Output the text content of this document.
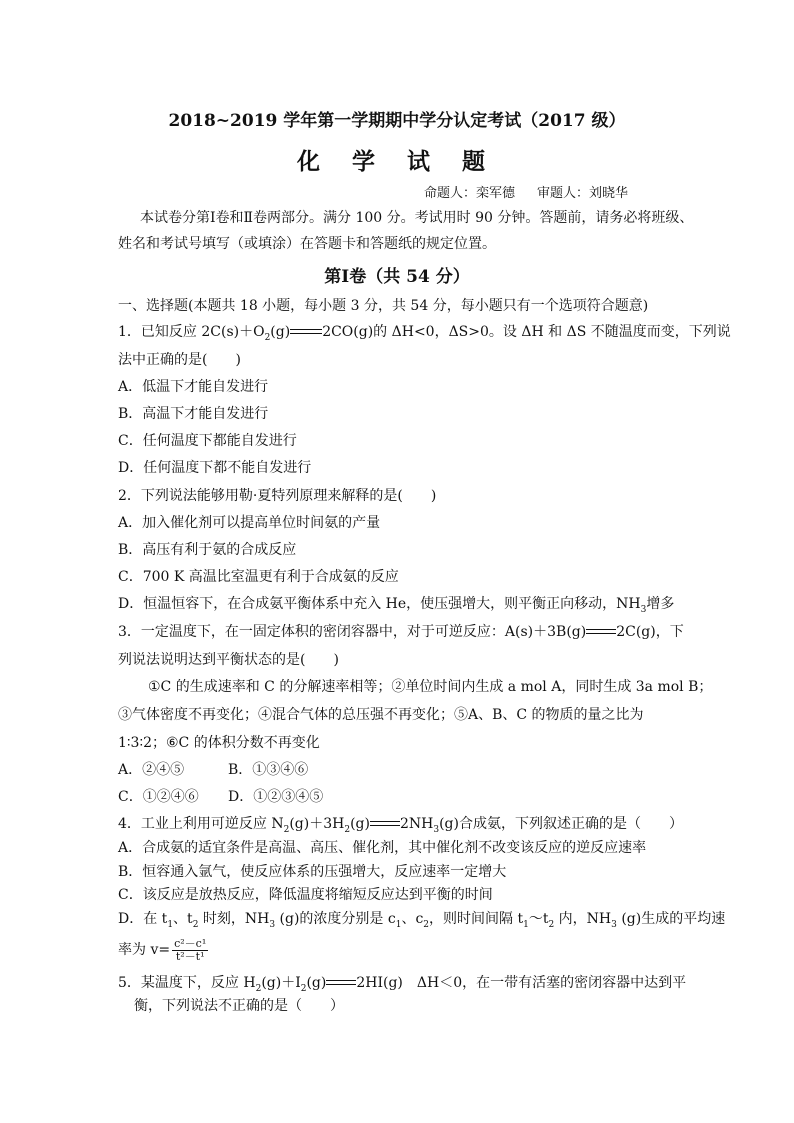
2018~2019 学年第一学期期中学分认定考试（2017 级）
化 学 试 题
命题人：栾军德 审题人：刘晓华
本试卷分第Ⅰ卷和Ⅱ卷两部分。满分 100 分。考试用时 90 分钟。答题前，请务必将班级、
姓名和考试号填写（或填涂）在答题卡和答题纸的规定位置。
第Ⅰ卷（共 54 分）
一、选择题(本题共 18 小题，每小题 3 分，共 54 分，每小题只有一个选项符合题意)
1．已知反应 $2C(s)+O_2(g)$ 2CO(g)的 ΔH<0，ΔS>0。设 ΔH 和 ΔS 不随温度而变，下列说
法中正确的是(　　)
A．低温下才能自发进行
B．高温下才能自发进行
C．任何温度下都能自发进行
D．任何温度下都不能自发进行
2．下列说法能够用勒·夏特列原理来解释的是(　　)
A．加入催化剂可以提高单位时间氨的产量
B．高压有利于氨的合成反应
C．700 K 高温比室温更有利于合成氨的反应
D．恒温恒容下，在合成氨平衡体系中充入 He，使压强增大，则平衡正向移动，$NH_3$增多
3．一定温度下，在一固定体积的密闭容器中，对于可逆反应：A(s)＋3B(g) 2C(g)，下
列说法说明达到平衡状态的是(　　)
①C 的生成速率和 C 的分解速率相等；②单位时间内生成 a mol A，同时生成 3a mol B；
③气体密度不再变化；④混合气体的总压强不再变化；⑤A、B、C 的物质的量之比为
1∶3∶2；⑥C 的体积分数不再变化
A．②④⑤	B．①③④⑥
C．①②④⑥ D．①②③④⑤
4．工业上利用可逆反应 $N_2(g)+3H_2(g)$ $2NH_3(g)$合成氨，下列叙述正确的是（　　）
A．合成氨的适宜条件是高温、高压、催化剂，其中催化剂不改变该反应的逆反应速率
B．恒容通入氩气，使反应体系的压强增大，反应速率一定增大
C．该反应是放热反应，降低温度将缩短反应达到平衡的时间
D．在 $t_1$、$t_2$ 时刻，$NH_3$ (g)的浓度分别是 $c_1$、$c_2$，则时间间隔 $t_1\sim t_2$ 内，$NH_3$ (g)生成的平均速
率为 $v= \frac{\text{c²－c¹}}{\text{t²－t¹}}$
5．某温度下，反应 $H_2(g)+I_2(g)$ 2HI(g)　ΔH＜0，在一带有活塞的密闭容器中达到平
衡，下列说法不正确的是（　　）
